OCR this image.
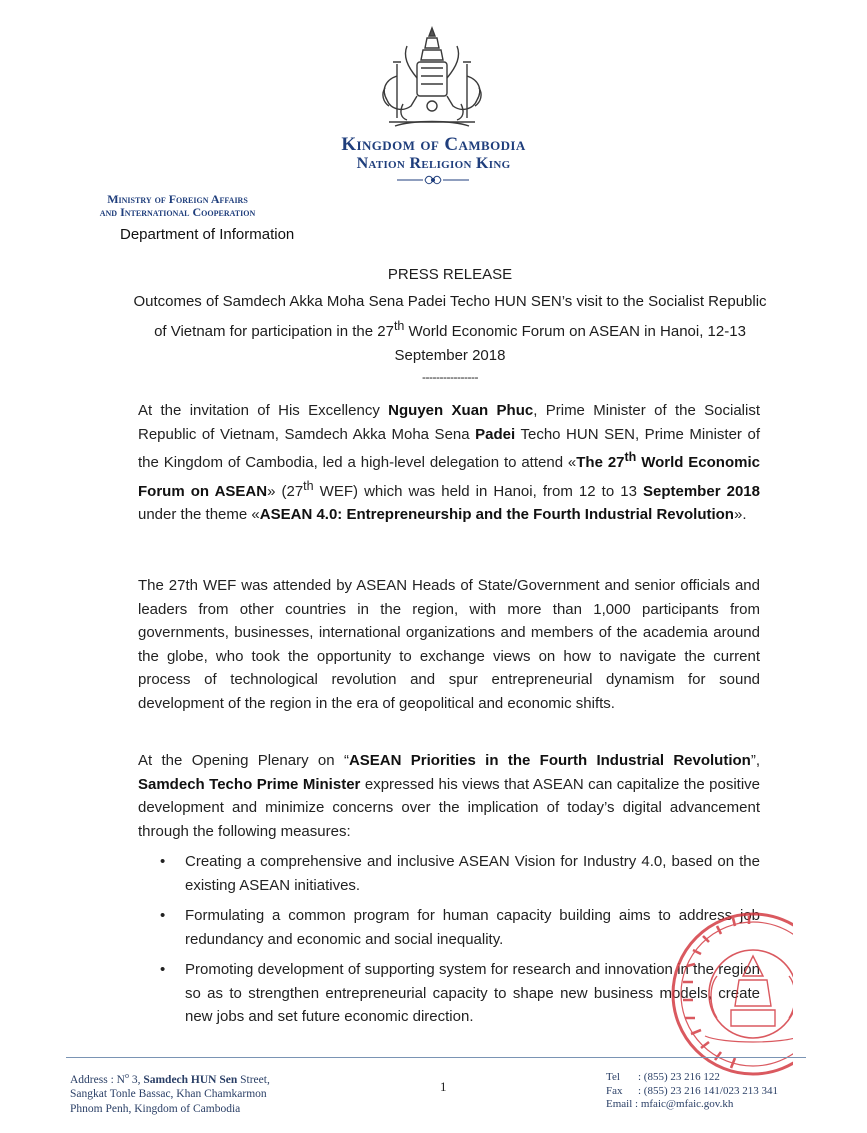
Kingdom of Cambodia
Nation Religion King
Ministry of Foreign Affairs
and International Cooperation
Department of Information
PRESS RELEASE
Outcomes of Samdech Akka Moha Sena Padei Techo HUN SEN’s visit to the Socialist Republic of Vietnam for participation in the 27th World Economic Forum on ASEAN in Hanoi, 12-13 September 2018
----------------

At the invitation of His Excellency Nguyen Xuan Phuc, Prime Minister of the Socialist Republic of Vietnam, Samdech Akka Moha Sena Padei Techo HUN SEN, Prime Minister of the Kingdom of Cambodia, led a high-level delegation to attend «The 27th World Economic Forum on ASEAN» (27th WEF) which was held in Hanoi, from 12 to 13 September 2018 under the theme «ASEAN 4.0: Entrepreneurship and the Fourth Industrial Revolution».

The 27th WEF was attended by ASEAN Heads of State/Government and senior officials and leaders from other countries in the region, with more than 1,000 participants from governments, businesses, international organizations and members of the academia around the globe, who took the opportunity to exchange views on how to navigate the current process of technological revolution and spur entrepreneurial dynamism for sound development of the region in the era of geopolitical and economic shifts.

At the Opening Plenary on “ASEAN Priorities in the Fourth Industrial Revolution”, Samdech Techo Prime Minister expressed his views that ASEAN can capitalize the positive development and minimize concerns over the implication of today’s digital advancement through the following measures:

• Creating a comprehensive and inclusive ASEAN Vision for Industry 4.0, based on the existing ASEAN initiatives.
• Formulating a common program for human capacity building aims to address job redundancy and economic and social inequality.
• Promoting development of supporting system for research and innovation in the region so as to strengthen entrepreneurial capacity to shape new business models, create new jobs and set future economic direction.
Address : $N^o$ 3, Samdech HUN Sen Street,
Sangkat Tonle Bassac, Khan Chamkarmon
Phnom Penh, Kingdom of Cambodia
1
Tel : (855) 23 216 122
Fax : (855) 23 216 141/023 213 341
Email : mfaic@mfaic.gov.kh
